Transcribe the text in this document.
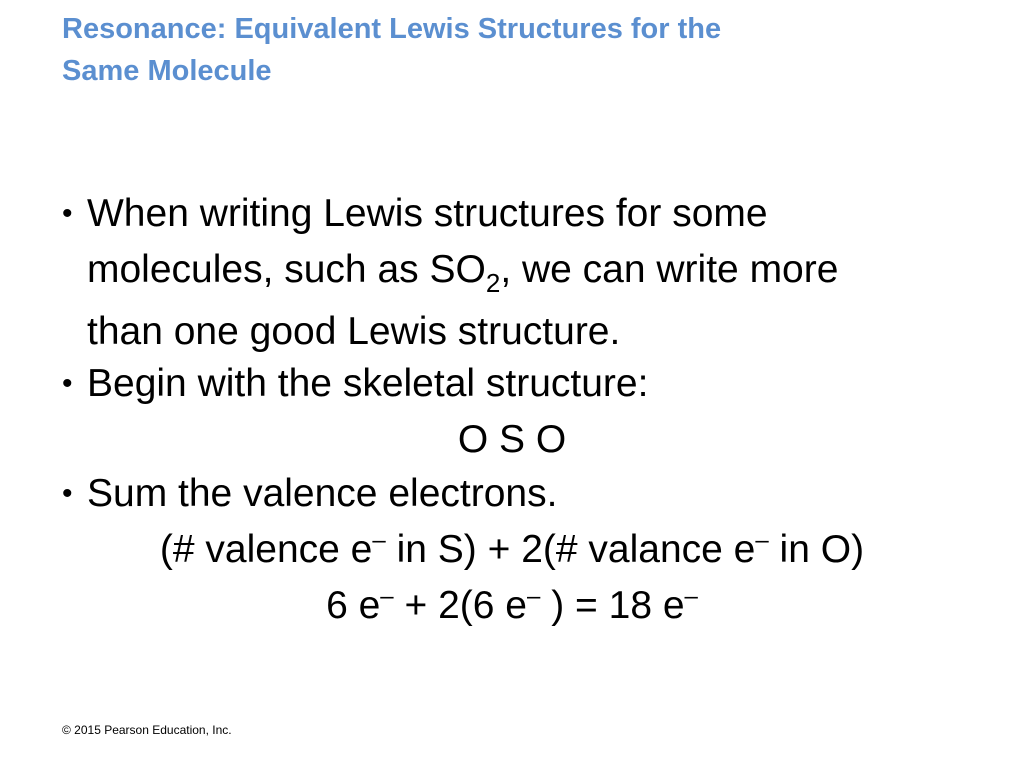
Resonance: Equivalent Lewis Structures for the
Same Molecule
• When writing Lewis structures for some
molecules, such as $SO_2$, we can write more
than one good Lewis structure.
• Begin with the skeletal structure:
O S O
• Sum the valence electrons.
(# valence e– in S) + 2(# valance e– in O)
6 e– + 2(6 e– ) = 18 e–
© 2015 Pearson Education, Inc.
